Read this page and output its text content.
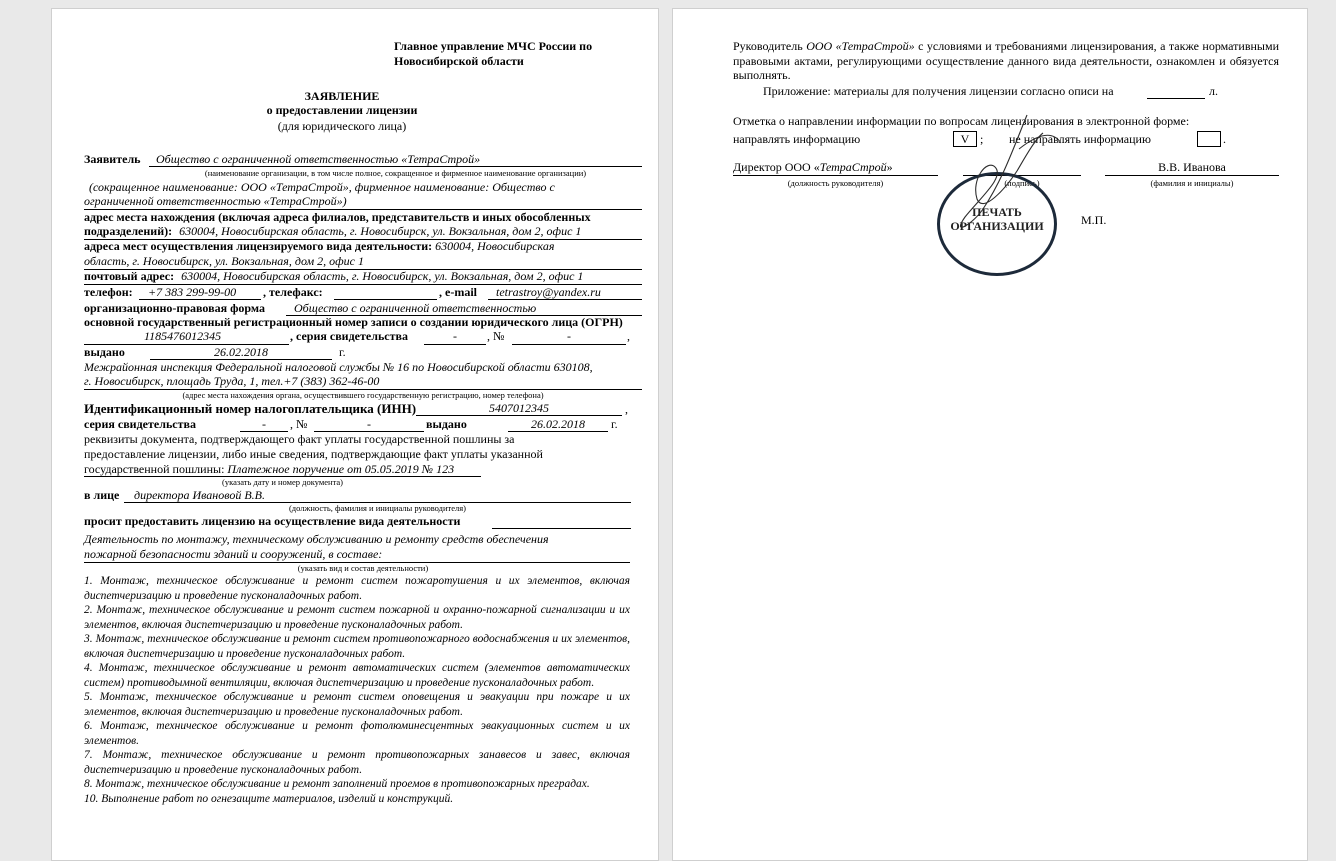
Главное управление МЧС России по
Новосибирской области
ЗАЯВЛЕНИЕ
о предоставлении лицензии
(для юридического лица)
Заявитель Общество с ограниченной ответственностью «ТетраСтрой»
(наименование организации, в том числе полное, сокращенное и фирменное наименование организации)
(сокращенное наименование: ООО «ТетраСтрой», фирменное наименование: Общество с
ограниченной ответственностью «ТетраСтрой»)
адрес места нахождения (включая адреса филиалов, представительств и иных обособленных
подразделений): 630004, Новосибирская область, г. Новосибирск, ул. Вокзальная, дом 2, офис 1
адреса мест осуществления лицензируемого вида деятельности: 630004, Новосибирская
область, г. Новосибирск, ул. Вокзальная, дом 2, офис 1
почтовый адрес: 630004, Новосибирская область, г. Новосибирск, ул. Вокзальная, дом 2, офис 1
телефон: +7 383 299-99-00 , телефакс:	, e-mail tetrastroy@yandex.ru
организационно-правовая форма Общество с ограниченной ответственностью
основной государственный регистрационный номер записи о создании юридического лица (ОГРН)
1185476012345	, серия свидетельства	-	, №	-	,
выдано	26.02.2018	г.
Межрайонная инспекция Федеральной налоговой службы № 16 по Новосибирской области 630108,
г. Новосибирск, площадь Труда, 1, тел.+7 (383) 362-46-00
(адрес места нахождения органа, осуществившего государственную регистрацию, номер телефона)
Идентификационный номер налогоплательщика (ИНН)	5407012345	,
серия свидетельства	-	, №	-	выдано	26.02.2018	г.
реквизиты документа, подтверждающего факт уплаты государственной пошлины за
предоставление лицензии, либо иные сведения, подтверждающие факт уплаты указанной
государственной пошлины: Платежное поручение от 05.05.2019 № 123
(указать дату и номер документа)
в лице директора Ивановой В.В.
(должность, фамилия и инициалы руководителя)
просит предоставить лицензию на осуществление вида деятельности
Деятельность по монтажу, техническому обслуживанию и ремонту средств обеспечения
пожарной безопасности зданий и сооружений, в составе:
(указать вид и состав деятельности)
1. Монтаж, техническое обслуживание и ремонт систем пожаротушения и их элементов, включая диспетчеризацию и проведение пусконаладочных работ.
2. Монтаж, техническое обслуживание и ремонт систем пожарной и охранно-пожарной сигнализации и их элементов, включая диспетчеризацию и проведение пусконаладочных работ.
3. Монтаж, техническое обслуживание и ремонт систем противопожарного водоснабжения и их элементов, включая диспетчеризацию и проведение пусконаладочных работ.
4. Монтаж, техническое обслуживание и ремонт автоматических систем (элементов автоматических систем) противодымной вентиляции, включая диспетчеризацию и проведение пусконаладочных работ.
5. Монтаж, техническое обслуживание и ремонт систем оповещения и эвакуации при пожаре и их элементов, включая диспетчеризацию и проведение пусконаладочных работ.
6. Монтаж, техническое обслуживание и ремонт фотолюминесцентных эвакуационных систем и их элементов.
7. Монтаж, техническое обслуживание и ремонт противопожарных занавесов и завес, включая диспетчеризацию и проведение пусконаладочных работ.
8. Монтаж, техническое обслуживание и ремонт заполнений проемов в противопожарных преградах.
10. Выполнение работ по огнезащите материалов, изделий и конструкций.
Руководитель ООО «ТетраСтрой» с условиями и требованиями лицензирования, а также нормативными правовыми актами, регулирующими осуществление данного вида деятельности, ознакомлен и обязуется выполнять.
Приложение: материалы для получения лицензии согласно описи на	л.
Отметка о направлении информации по вопросам лицензирования в электронной форме:
направлять информацию	V ; не направлять информацию	.
Директор ООО «ТетраСтрой»	В.В. Иванова
(должность руководителя)	(подпись)	(фамилия и инициалы)
ПЕЧАТЬ
ОРГАНИЗАЦИИ	М.П.
